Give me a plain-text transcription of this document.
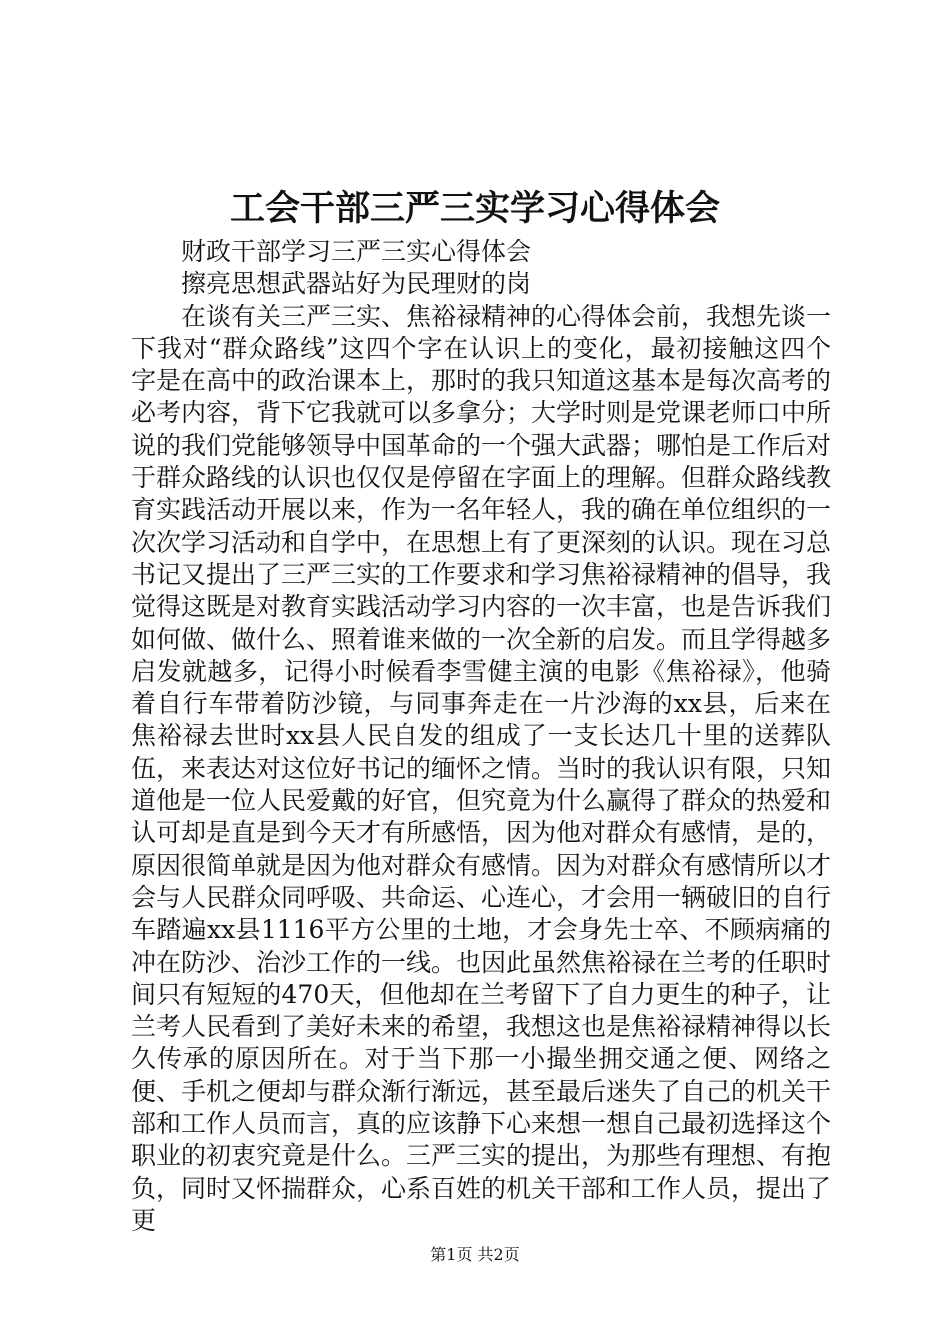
工会干部三严三实学习心得体会

财政干部学习三严三实心得体会

擦亮思想武器站好为民理财的岗

在谈有关三严三实、焦裕禄精神的心得体会前，我想先谈一下我对“群众路线”这四个字在认识上的变化，最初接触这四个字是在高中的政治课本上，那时的我只知道这基本是每次高考的必考内容，背下它我就可以多拿分；大学时则是党课老师口中所说的我们党能够领导中国革命的一个强大武器；哪怕是工作后对于群众路线的认识也仅仅是停留在字面上的理解。但群众路线教育实践活动开展以来，作为一名年轻人，我的确在单位组织的一次次学习活动和自学中，在思想上有了更深刻的认识。现在习总书记又提出了三严三实的工作要求和学习焦裕禄精神的倡导，我觉得这既是对教育实践活动学习内容的一次丰富，也是告诉我们如何做、做什么、照着谁来做的一次全新的启发。而且学得越多启发就越多，记得小时候看李雪健主演的电影《焦裕禄》，他骑着自行车带着防沙镜，与同事奔走在一片沙海的xx县，后来在焦裕禄去世时xx县人民自发的组成了一支长达几十里的送葬队伍，来表达对这位好书记的缅怀之情。当时的我认识有限，只知道他是一位人民爱戴的好官，但究竟为什么赢得了群众的热爱和认可却是直是到今天才有所感悟，因为他对群众有感情，是的，原因很简单就是因为他对群众有感情。因为对群众有感情所以才会与人民群众同呼吸、共命运、心连心，才会用一辆破旧的自行车踏遍xx县1116平方公里的土地，才会身先士卒、不顾病痛的冲在防沙、治沙工作的一线。也因此虽然焦裕禄在兰考的任职时间只有短短的470天，但他却在兰考留下了自力更生的种子，让兰考人民看到了美好未来的希望，我想这也是焦裕禄精神得以长久传承的原因所在。对于当下那一小撮坐拥交通之便、网络之便、手机之便却与群众渐行渐远，甚至最后迷失了自己的机关干部和工作人员而言，真的应该静下心来想一想自己最初选择这个职业的初衷究竟是什么。三严三实的提出，为那些有理想、有抱负，同时又怀揣群众，心系百姓的机关干部和工作人员，提出了更

第1页 共2页
